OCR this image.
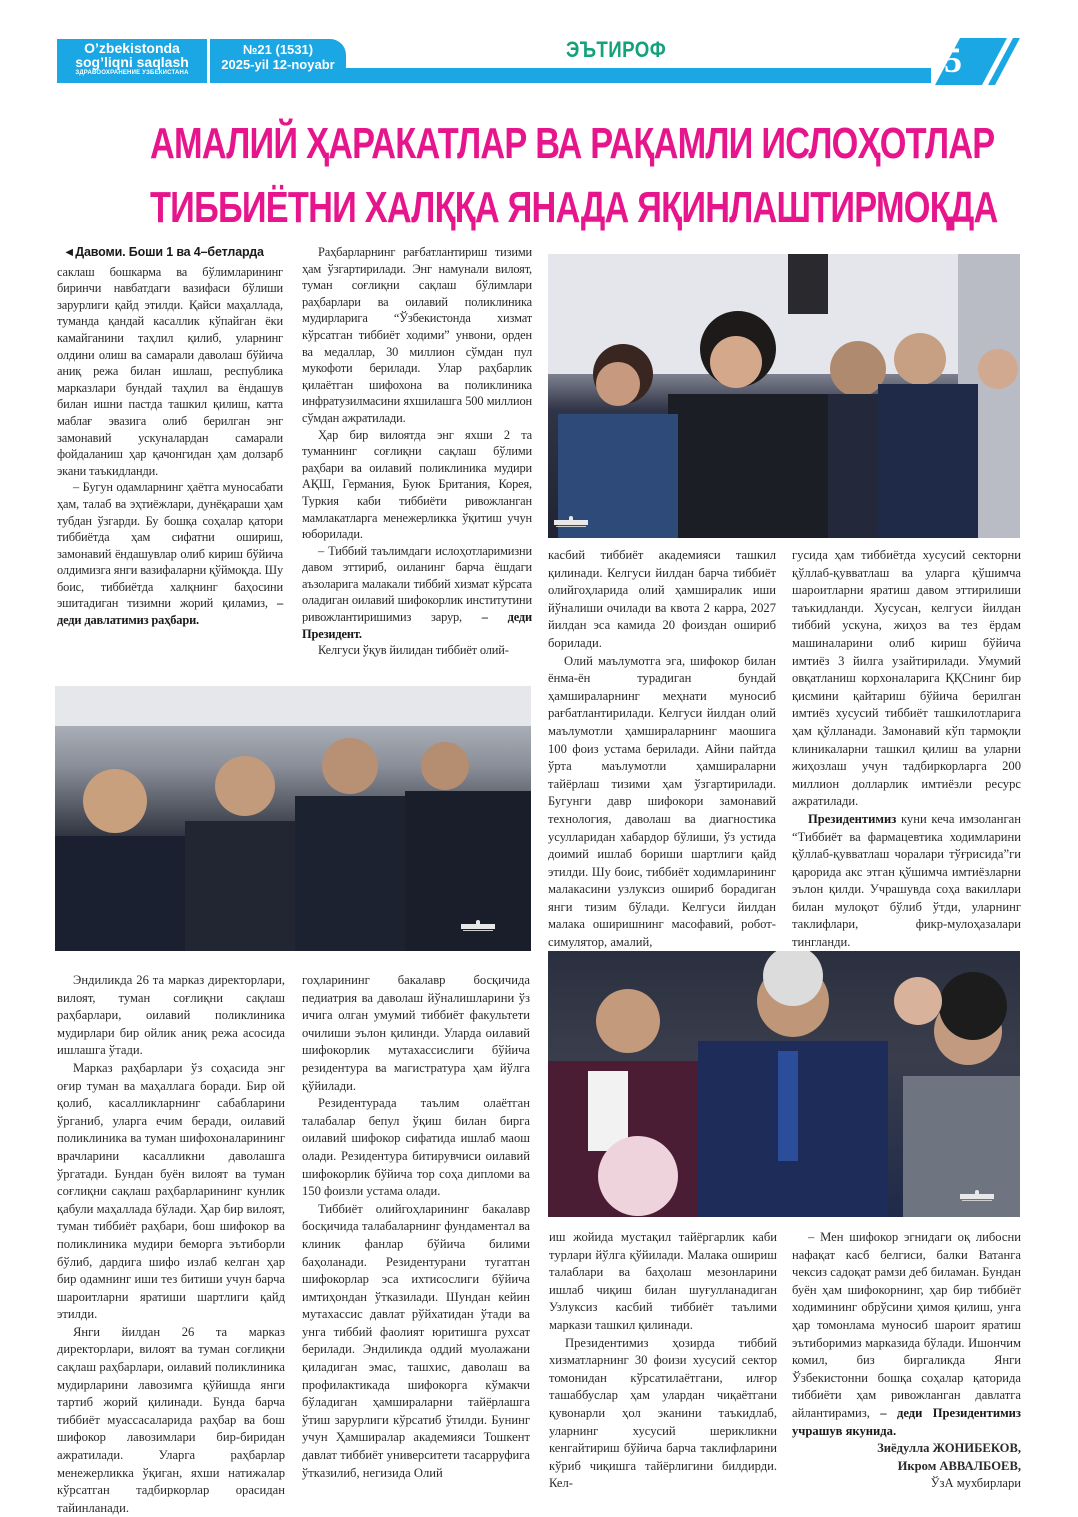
O’zbekistonda
sog’liqni saqlash
ЗДРАВООХРАНЕНИЕ УЗБЕКИСТАНА
№21 (1531)
2025-yil 12-noyabr
ЭЪТИРОФ	5
АМАЛИЙ ҲАРАКАТЛАР ВА РАҚАМЛИ ИСЛОҲОТЛАР
ТИББИЁТНИ ХАЛҚҚА ЯНАДА ЯҚИНЛАШТИРМОҚДА
◄Давоми. Боши 1 ва 4–бетларда

саклаш бошкарма ва бўлимларининг биринчи навбатдаги вазифаси бўлиши зарурлиги қайд этилди. Қайси маҳаллада, туманда қандай касаллик кўпайган ёки камайганини таҳлил қилиб, уларнинг олдини олиш ва самарали даволаш бўйича аниқ режа билан ишлаш, республика марказлари бундай таҳлил ва ёндашув билан ишни пастда ташкил қилиш, катта маблағ эвазига олиб берилган энг замонавий ускуналардан самарали фойдаланиш ҳар қачонгидан ҳам долзарб экани таъкидланди.

– Бугун одамларнинг ҳаётга муносабати ҳам, талаб ва эҳтиёжлари, дунёқараши ҳам тубдан ўзгарди. Бу бошқа соҳалар қатори тиббиётда ҳам сифатни ошириш, замонавий ёндашувлар олиб кириш бўйича олдимизга янги вазифаларни қўймоқда. Шу боис, тиббиётда халқнинг баҳосини эшитадиган тизимни жорий қиламиз, – деди давлатимиз раҳбари.

Раҳбарларнинг рағбатлантириш тизими ҳам ўзгартирилади. Энг намунали вилоят, туман соғлиқни сақлаш бўлимлари раҳбарлари ва оилавий поликлиника мудирларига “Ўзбекистонда хизмат кўрсатган тиббиёт ходими” унвони, орден ва медаллар, 30 миллион сўмдан пул мукофоти берилади. Улар раҳбарлик қилаётган шифохона ва поликлиника инфратузилмасини яхшилашга 500 миллион сўмдан ажратилади.

Ҳар бир вилоятда энг яхши 2 та туманнинг соғлиқни сақлаш бўлими раҳбари ва оилавий поликлиника мудири АҚШ, Германия, Буюк Британия, Корея, Туркия каби тиббиёти ривожланган мамлакатларга менежерликка ўқитиш учун юборилади.

– Тиббий таълимдаги ислоҳотларимизни давом эттириб, оиланинг барча ёшдаги аъзоларига малакали тиббий хизмат кўрсата оладиган оилавий шифокорлик институтини ривожлантиришимиз зарур, – деди Президент.

Келгуси ўқув йилидан тиббиёт олий-

касбий тиббиёт академияси ташкил қилинади. Келгуси йилдан барча тиббиёт олийгоҳларида олий ҳамширалик иши йўналиши очилади ва квота 2 карра, 2027 йилдан эса камида 20 фоиздан ошириб борилади.

Олий маълумотга эга, шифокор билан ёнма-ён турадиган бундай ҳамшираларнинг меҳнати муносиб рағбатлантирилади. Келгуси йилдан олий маълумотли ҳамшираларнинг маошига 100 фоиз устама берилади. Айни пайтда ўрта маълумотли ҳамшираларни тайёрлаш тизими ҳам ўзгартирилади. Бугунги давр шифокори замонавий технология, даволаш ва диагностика усулларидан хабардор бўлиши, ўз устида доимий ишлаб бориши шартлиги қайд этилди. Шу боис, тиббиёт ходимларининг малакасини узлуксиз ошириб борадиган янги тизим бўлади. Келгуси йилдан малака оширишнинг масофавий, робот-симулятор, амалий,

гусида ҳам тиббиётда хусусий секторни қўллаб-қувватлаш ва уларга қўшимча шароитларни яратиш давом эттирилиши таъкидланди. Хусусан, келгуси йилдан тиббий ускуна, жиҳоз ва тез ёрдам машиналарини олиб кириш бўйича имтиёз 3 йилга узайтирилади. Умумий овқатланиш корхоналарига ҚҚСнинг бир қисмини қайтариш бўйича берилган имтиёз хусусий тиббиёт ташкилотларига ҳам қўлланади. Замонавий кўп тармоқли клиникаларни ташкил қилиш ва уларни жиҳозлаш учун тадбиркорларга 200 миллион долларлик имтиёзли ресурс ажратилади.

Президентимиз куни кеча имзоланган “Тиббиёт ва фармацевтика ходимларини қўллаб-қувватлаш чоралари тўғрисида”ги қарорида акс этган қўшимча имтиёзларни эълон қилди. Учрашувда соҳа вакиллари билан мулоқот бўлиб ўтди, уларнинг таклифлари, фикр-мулоҳазалари тингланди.

Эндиликда 26 та марказ директорлари, вилоят, туман соғлиқни сақлаш раҳбарлари, оилавий поликлиника мудирлари бир ойлик аниқ режа асосида ишлашга ўтади.

Марказ раҳбарлари ўз соҳасида энг оғир туман ва маҳаллага боради. Бир ой қолиб, касалликларнинг сабабларини ўрганиб, уларга ечим беради, оилавий поликлиника ва туман шифохоналарининг врачларини касалликни даволашга ўргатади. Бундан буён вилоят ва туман соғлиқни сақлаш раҳбарларининг кунлик қабули маҳаллада бўлади. Ҳар бир вилоят, туман тиббиёт раҳбари, бош шифокор ва поликлиника мудири беморга эътиборли бўлиб, дардига шифо излаб келган ҳар бир одамнинг иши тез битиши учун барча шароитларни яратиши шартлиги қайд этилди.

Янги йилдан 26 та марказ директорлари, вилоят ва туман соғлиқни сақлаш раҳбарлари, оилавий поликлиника мудирларини лавозимга қўйишда янги тартиб жорий қилинади. Бунда барча тиббиёт муассасаларида раҳбар ва бош шифокор лавозимлари бир-биридан ажратилади. Уларга раҳбарлар менежерликка ўқиган, яхши натижалар кўрсатган тадбиркорлар орасидан тайинланади.

гоҳларининг бакалавр босқичида педиатрия ва даволаш йўналишларини ўз ичига олган умумий тиббиёт факультети очилиши эълон қилинди. Уларда оилавий шифокорлик мутахассислиги бўйича резидентура ва магистратура ҳам йўлга қўйилади.

Резидентурада таълим олаётган талабалар бепул ўқиш билан бирга оилавий шифокор сифатида ишлаб маош олади. Резидентура битирувчиси оилавий шифокорлик бўйича тор соҳа дипломи ва 150 фоизли устама олади.

Тиббиёт олийгоҳларининг бакалавр босқичида талабаларнинг фундаментал ва клиник фанлар бўйича билими баҳоланади. Резидентурани тугатган шифокорлар эса ихтисослиги бўйича имтиҳондан ўтказилади. Шундан кейин мутахассис давлат рўйхатидан ўтади ва унга тиббий фаолият юритишга рухсат берилади. Эндиликда оддий муолажани қиладиган эмас, ташхис, даволаш ва профилактикада шифокорга кўмакчи бўладиган ҳамшираларни тайёрлашга ўтиш зарурлиги кўрсатиб ўтилди. Бунинг учун Ҳамширалар академияси Тошкент давлат тиббиёт университети тасарруфига ўтказилиб, негизида Олий

иш жойида мустақил тайёргарлик каби турлари йўлга қўйилади. Малака ошириш талаблари ва баҳолаш мезонларини ишлаб чиқиш билан шуғулланадиган Узлуксиз касбий тиббиёт таълими маркази ташкил қилинади.

Президентимиз ҳозирда тиббий хизматларнинг 30 фоизи хусусий сектор томонидан кўрсатилаётгани, илғор ташаббуслар ҳам улардан чиқаётгани қувонарли ҳол эканини таъкидлаб, уларнинг хусусий шерикликни кенгайтириш бўйича барча таклифларини кўриб чиқишга тайёрлигини билдирди. Кел-

– Мен шифокор эгнидаги оқ либосни нафақат касб белгиси, балки Ватанга чексиз садоқат рамзи деб биламан. Бундан буён ҳам шифокорнинг, ҳар бир тиббиёт ходимининг обрўсини ҳимоя қилиш, унга ҳар томонлама муносиб шароит яратиш эътиборимиз марказида бўлади. Ишончим комил, биз биргаликда Янги Ўзбекистонни бошқа соҳалар қаторида тиббиёти ҳам ривожланган давлатга айлантирамиз, – деди Президентимиз учрашув якунида.

Зиёдулла ЖОНИБЕКОВ,
Икром АВВАЛБОЕВ,
ЎзА мухбирлари
